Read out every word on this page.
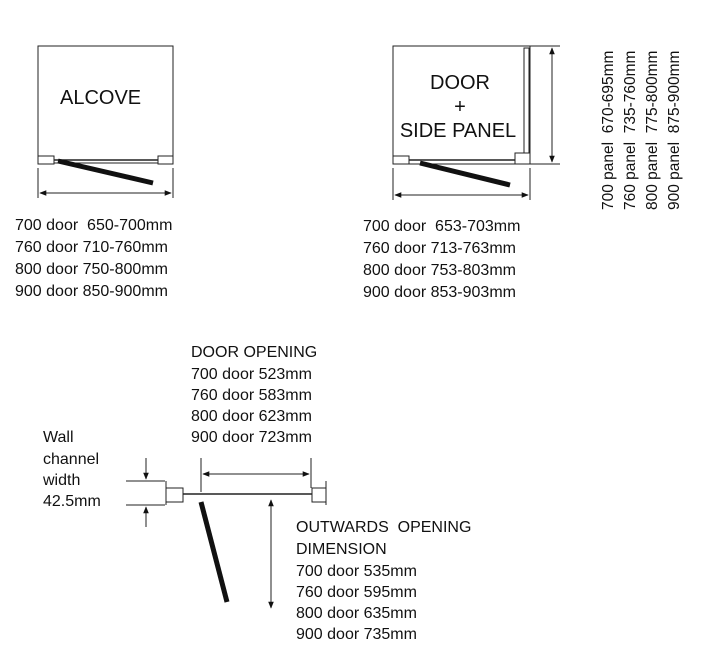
ALCOVE
700 door  650-700mm
760 door 710-760mm
800 door 750-800mm
900 door 850-900mm
DOOR
+
SIDE PANEL
700 door  653-703mm
760 door 713-763mm
800 door 753-803mm
900 door 853-903mm
700 panel  670-695mm 760 panel  735-760mm 800 panel  775-800mm 900 panel  875-900mm
DOOR OPENING
700 door 523mm
760 door 583mm
800 door 623mm
900 door 723mm
Wall
channel
width
42.5mm
OUTWARDS  OPENING
DIMENSION
700 door 535mm
760 door 595mm
800 door 635mm
900 door 735mm
